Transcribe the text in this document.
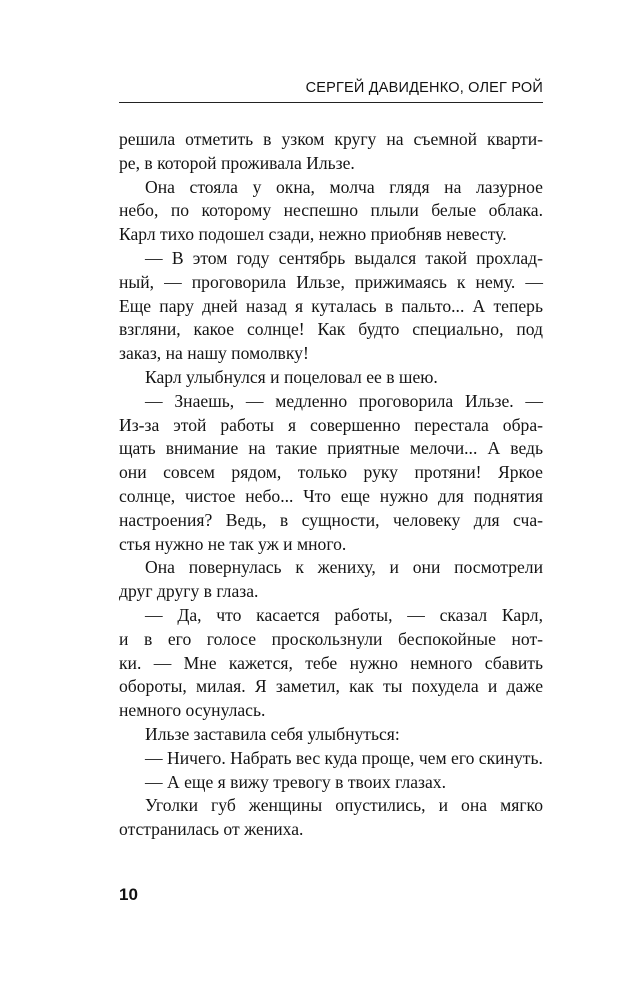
СЕРГЕЙ ДАВИДЕНКО, ОЛЕГ РОЙ
решила отметить в узком кругу на съемной кварти-
ре, в которой проживала Ильзе.
Она стояла у окна, молча глядя на лазурное
небо, по которому неспешно плыли белые облака.
Карл тихо подошел сзади, нежно приобняв невесту.
— В этом году сентябрь выдался такой прохлад-
ный, — проговорила Ильзе, прижимаясь к нему. —
Еще пару дней назад я куталась в пальто... А теперь
взгляни, какое солнце! Как будто специально, под
заказ, на нашу помолвку!
Карл улыбнулся и поцеловал ее в шею.
— Знаешь, — медленно проговорила Ильзе. —
Из-за этой работы я совершенно перестала обра-
щать внимание на такие приятные мелочи... А ведь
они совсем рядом, только руку протяни! Яркое
солнце, чистое небо... Что еще нужно для поднятия
настроения? Ведь, в сущности, человеку для сча-
стья нужно не так уж и много.
Она повернулась к жениху, и они посмотрели
друг другу в глаза.
— Да, что касается работы, — сказал Карл,
и в его голосе проскользнули беспокойные нот-
ки. — Мне кажется, тебе нужно немного сбавить
обороты, милая. Я заметил, как ты похудела и даже
немного осунулась.
Ильзе заставила себя улыбнуться:
— Ничего. Набрать вес куда проще, чем его скинуть.
— А еще я вижу тревогу в твоих глазах.
Уголки губ женщины опустились, и она мягко
отстранилась от жениха.
10
